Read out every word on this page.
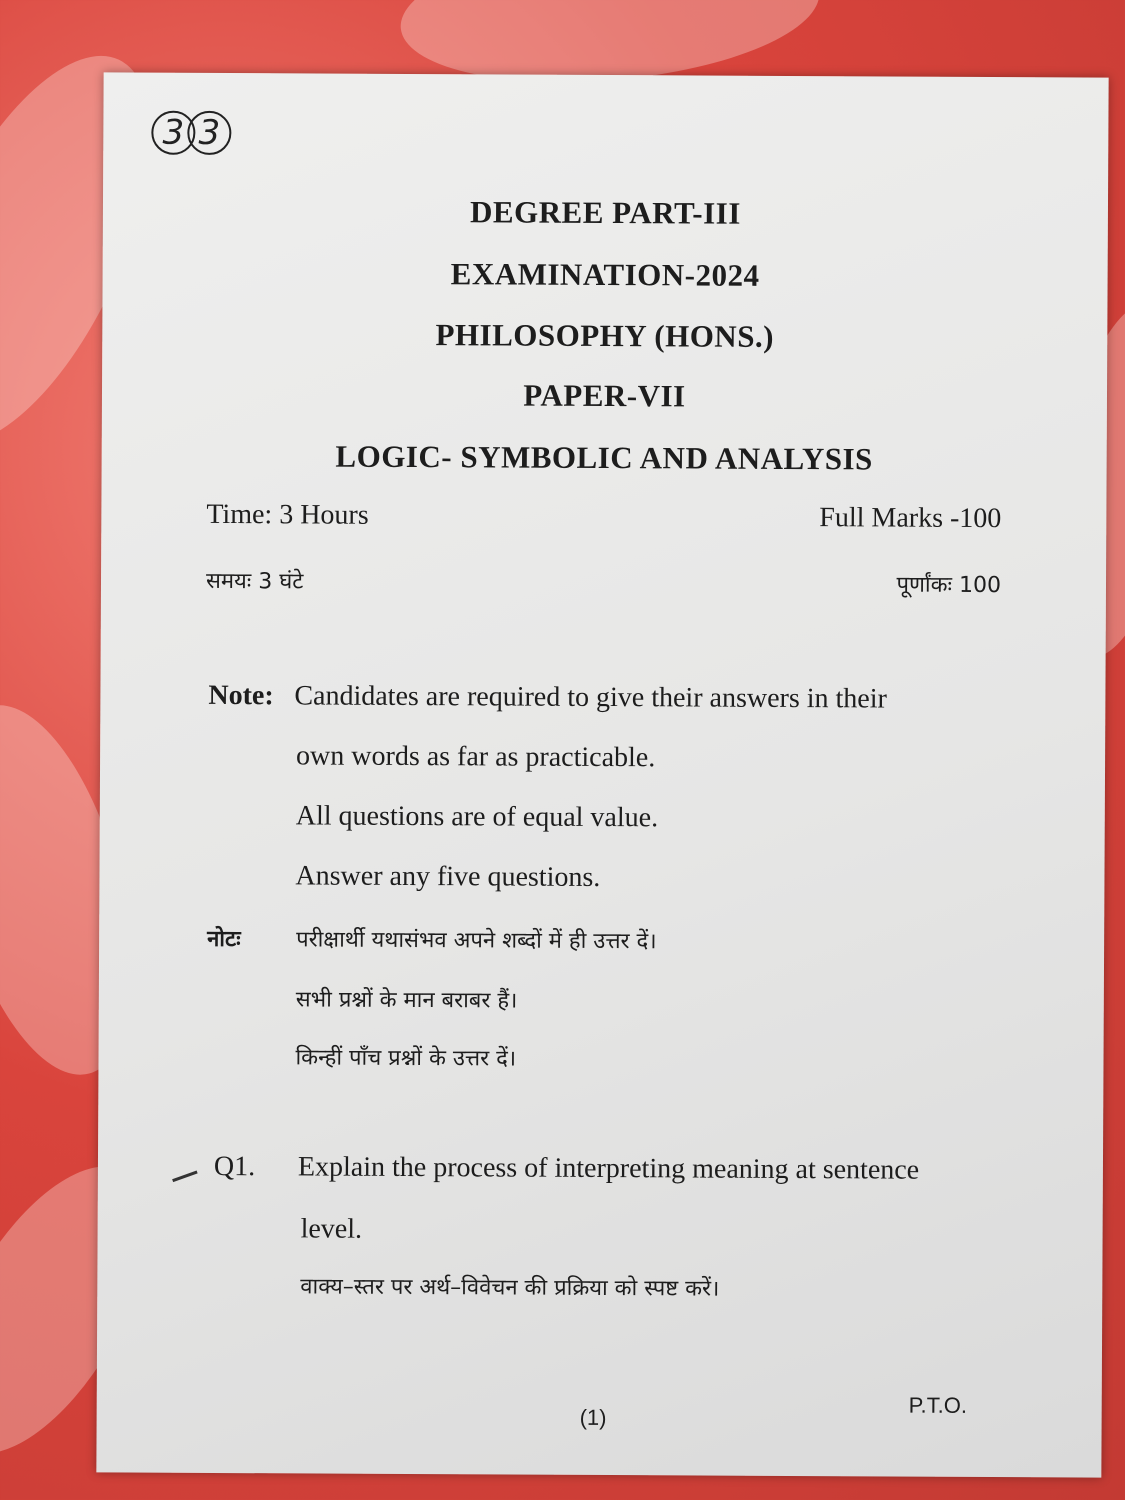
3 3
DEGREE PART-III
EXAMINATION-2024
PHILOSOPHY (HONS.)
PAPER-VII
LOGIC- SYMBOLIC AND ANALYSIS
Time: 3 Hours	Full Marks -100
समयः 3 घंटे	पूर्णांकः 100
Note: Candidates are required to give their answers in their
own words as far as practicable.
All questions are of equal value.
Answer any five questions.
नोटः	परीक्षार्थी यथासंभव अपने शब्दों में ही उत्तर दें।
सभी प्रश्नों के मान बराबर हैं।
किन्हीं पाँच प्रश्नों के उत्तर दें।
Q1. Explain the process of interpreting meaning at sentence
level.
वाक्य–स्तर पर अर्थ–विवेचन की प्रक्रिया को स्पष्ट करें।
(1)	P.T.O.
